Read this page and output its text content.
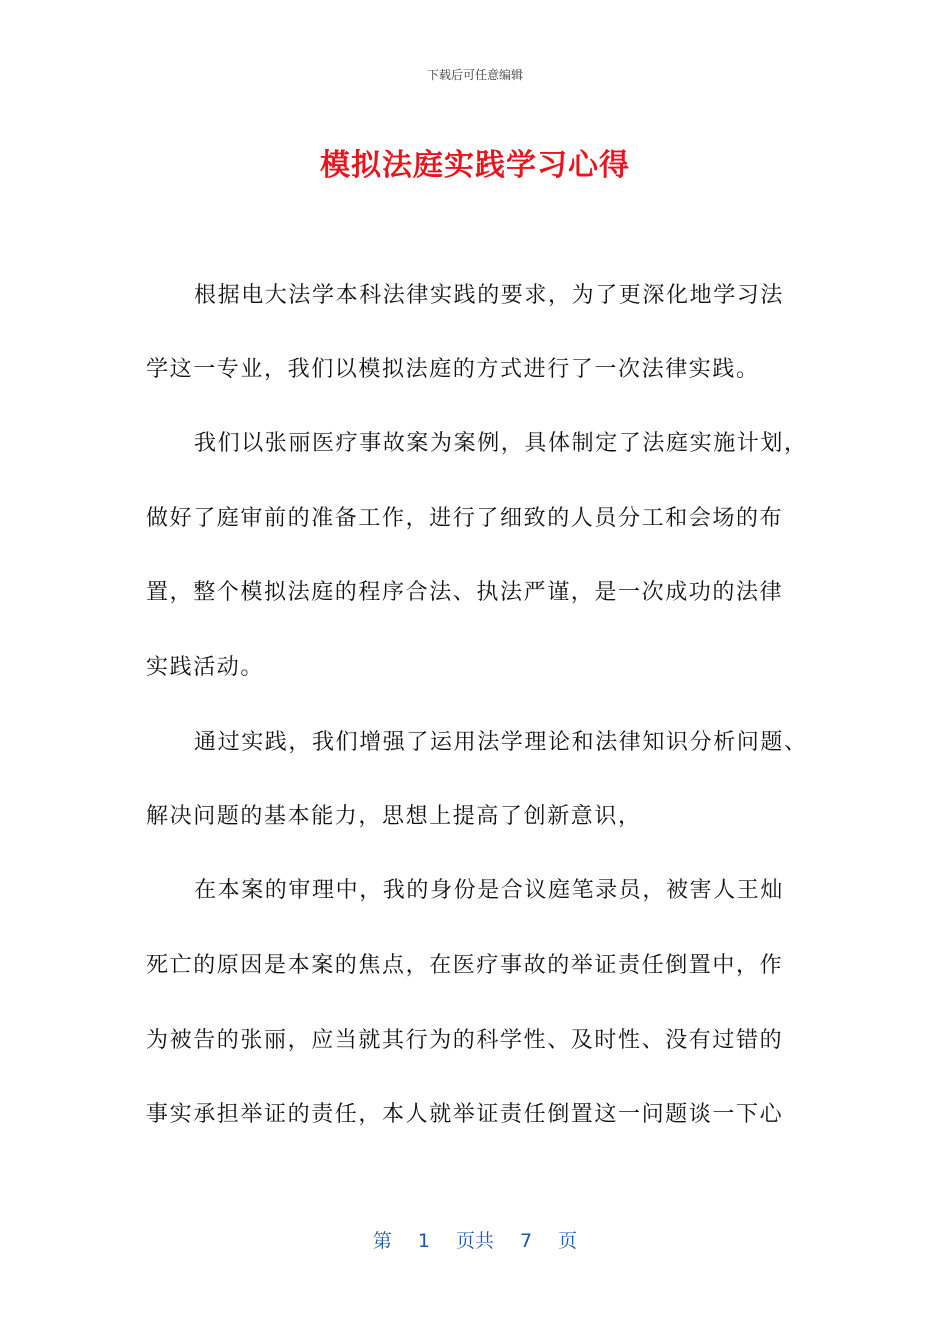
下载后可任意编辑
模拟法庭实践学习心得
根据电大法学本科法律实践的要求，为了更深化地学习法
学这一专业，我们以模拟法庭的方式进行了一次法律实践。
我们以张丽医疗事故案为案例，具体制定了法庭实施计划，
做好了庭审前的准备工作，进行了细致的人员分工和会场的布
置，整个模拟法庭的程序合法、执法严谨，是一次成功的法律
实践活动。
通过实践，我们增强了运用法学理论和法律知识分析问题、
解决问题的基本能力，思想上提高了创新意识，
在本案的审理中，我的身份是合议庭笔录员，被害人王灿
死亡的原因是本案的焦点，在医疗事故的举证责任倒置中，作
为被告的张丽，应当就其行为的科学性、及时性、没有过错的
事实承担举证的责任，本人就举证责任倒置这一问题谈一下心
第 1 页共 7 页
